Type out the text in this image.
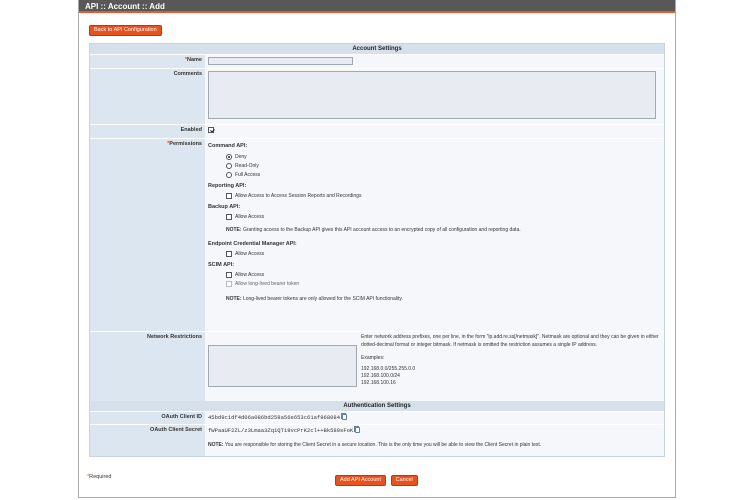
API :: Account :: Add
Back to API Configuration
Account Settings
*Name
Comments
Enabled
*Permissions	Command API:
Deny
Read-Only
Full Access
Reporting API:
Allow Access to Access Session Reports and Recordings
Backup API:
Allow Access
NOTE: Granting access to the Backup API gives this API account access to an encrypted copy of all configuration and reporting data.
Endpoint Credential Manager API:
Allow Access
SCIM API:
Allow Access
Allow long-lived bearer token
NOTE: Long-lived bearer tokens are only allowed for the SCIM API functionality.
Network Restrictions	Enter network address prefixes, one per line, in the form "ip.add.re.ss[/netmask]". Netmask are optional and they can be given in either dotted-decimal format or integer bitmask. If netmask is omitted the restriction assumes a single IP address.
Examples:
192.168.0.0/255.255.0.0
192.168.100.0/24
192.168.100.16
Authentication Settings
OAuth Client ID	45bd9c1df4d06a086bd258a56e653c61af968084
OAuth Client Secret	fWPaaUF2ZL/z3Lmaa3Zq1QTi9vcPrK2cl++Bk580sFoK
NOTE: You are responsible for storing the Client Secret in a secure location. This is the only time you will be able to view the Client Secret in plain text.
*Required	Add API Account	Cancel
